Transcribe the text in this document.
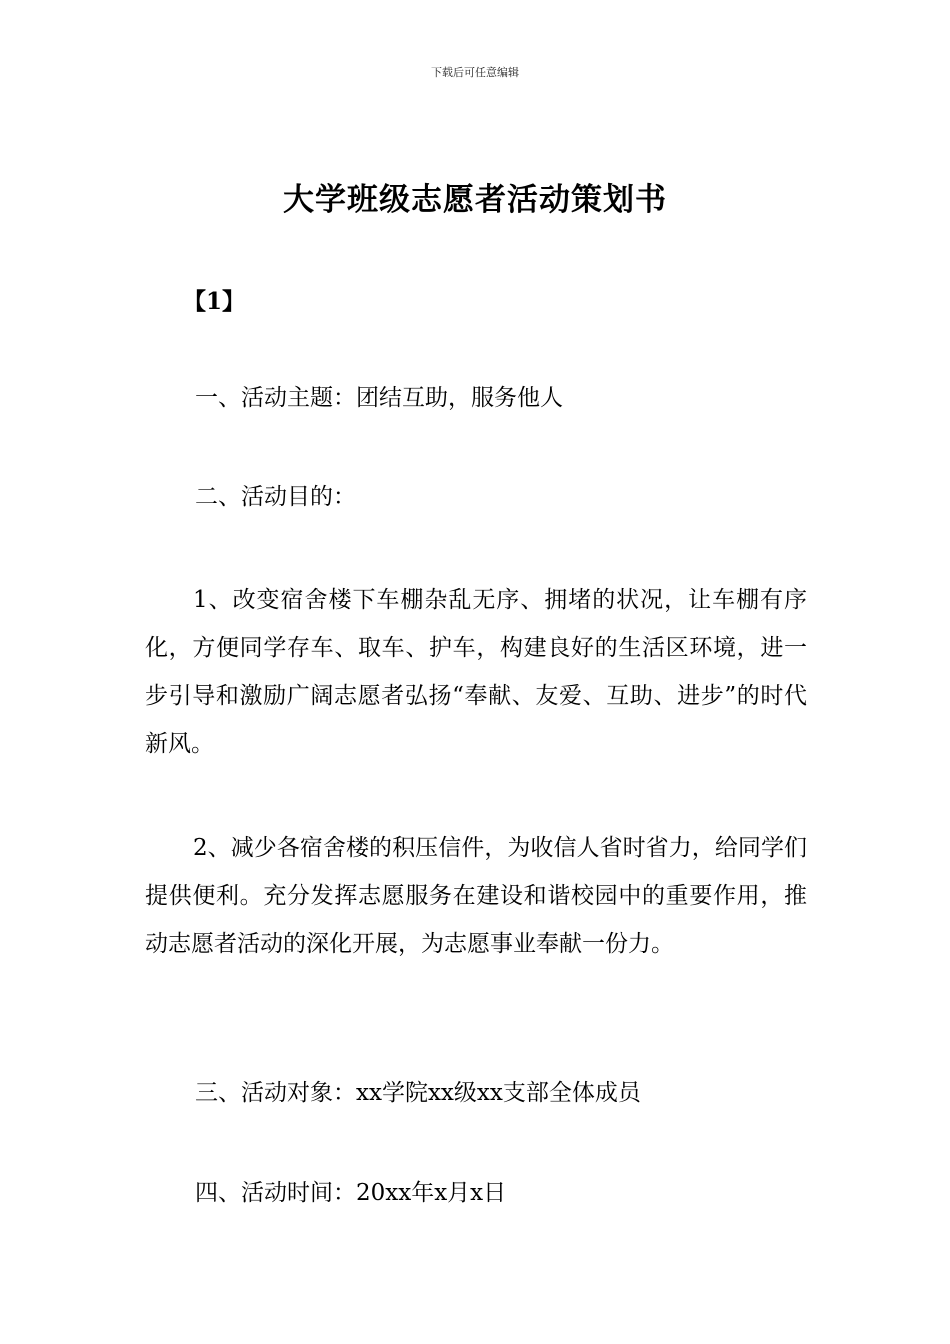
下载后可任意编辑
大学班级志愿者活动策划书
【1】
一、活动主题：团结互助，服务他人
二、活动目的：
1、改变宿舍楼下车棚杂乱无序、拥堵的状况，让车棚有序化，方便同学存车、取车、护车，构建良好的生活区环境，进一步引导和激励广阔志愿者弘扬“奉献、友爱、互助、进步”的时代新风。
2、减少各宿舍楼的积压信件，为收信人省时省力，给同学们提供便利。充分发挥志愿服务在建设和谐校园中的重要作用，推动志愿者活动的深化开展，为志愿事业奉献一份力。
三、活动对象：xx学院xx级xx支部全体成员
四、活动时间：20xx年x月x日
